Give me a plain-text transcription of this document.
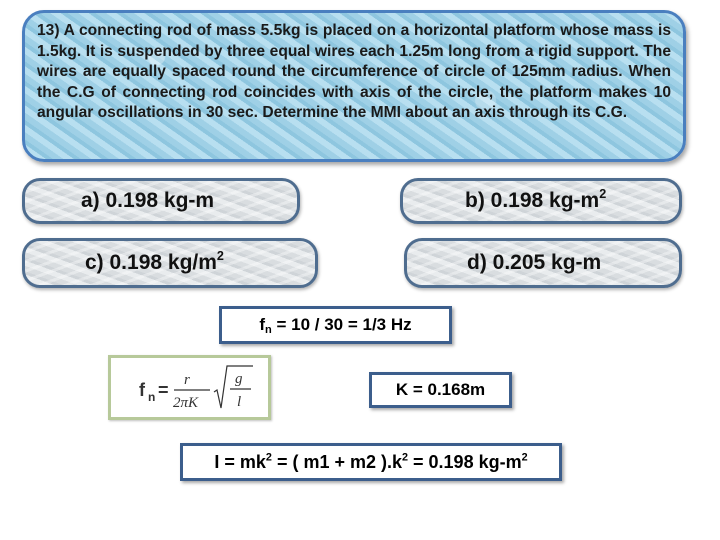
13) A connecting rod of mass 5.5kg is placed on a horizontal platform whose mass is 1.5kg. It is suspended by three equal wires each 1.25m long from a rigid support. The wires are equally spaced round the circumference of circle of 125mm radius. When the C.G of connecting rod coincides with axis of the circle, the platform makes 10 angular oscillations in 30 sec. Determine the MMI about an axis through its C.G.

a) 0.198 kg-m	b) 0.198 $kg-m^2$
c) 0.198 $kg/m^2$	d) 0.205 kg-m
$f_n = 10 / 30 = 1/3$ Hz
f n = r
2πK
g
l
K = 0.168m
$I = mk^2$ = ( m1 + m2 )$.k^2 = 0.198$ $kg-m^2$
